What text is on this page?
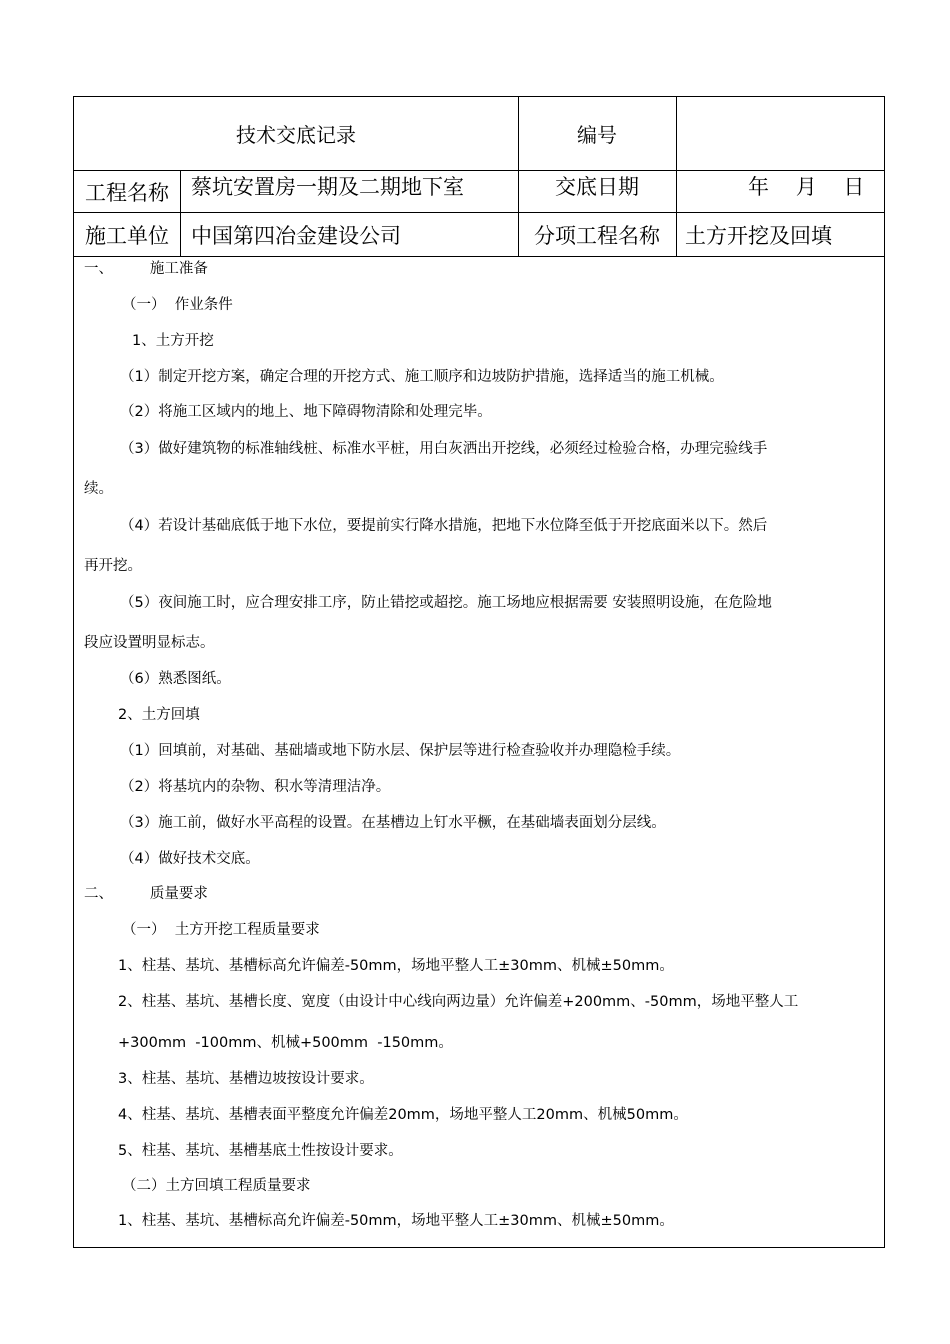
技术交底记录	编号
工程名称	蔡坑安置房一期及二期地下室	交底日期	年    月    日
施工单位	中国第四冶金建设公司	分项工程名称	土方开挖及回填
一、        施工准备
（一）  作业条件
1、土方开挖
（1）制定开挖方案，确定合理的开挖方式、施工顺序和边坡防护措施，选择适当的施工机械。
（2）将施工区域内的地上、地下障碍物清除和处理完毕。
（3）做好建筑物的标准轴线桩、标准水平桩，用白灰洒出开挖线，必须经过检验合格，办理完验线手
续。
（4）若设计基础底低于地下水位，要提前实行降水措施，把地下水位降至低于开挖底面米以下。然后
再开挖。
（5）夜间施工时，应合理安排工序，防止错挖或超挖。施工场地应根据需要 安装照明设施，在危险地
段应设置明显标志。
（6）熟悉图纸。
2、土方回填
（1）回填前，对基础、基础墙或地下防水层、保护层等进行检查验收并办理隐检手续。
（2）将基坑内的杂物、积水等清理洁净。
（3）施工前，做好水平高程的设置。在基槽边上钉水平橛，在基础墙表面划分层线。
（4）做好技术交底。
二、        质量要求
（一）  土方开挖工程质量要求
1、柱基、基坑、基槽标高允许偏差-50mm，场地平整人工±30mm、机械±50mm。
2、柱基、基坑、基槽长度、宽度（由设计中心线向两边量）允许偏差+200mm、-50mm，场地平整人工
+300mm  -100mm、机械+500mm  -150mm。
3、柱基、基坑、基槽边坡按设计要求。
4、柱基、基坑、基槽表面平整度允许偏差20mm，场地平整人工20mm、机械50mm。
5、柱基、基坑、基槽基底土性按设计要求。
（二）土方回填工程质量要求
1、柱基、基坑、基槽标高允许偏差-50mm，场地平整人工±30mm、机械±50mm。
